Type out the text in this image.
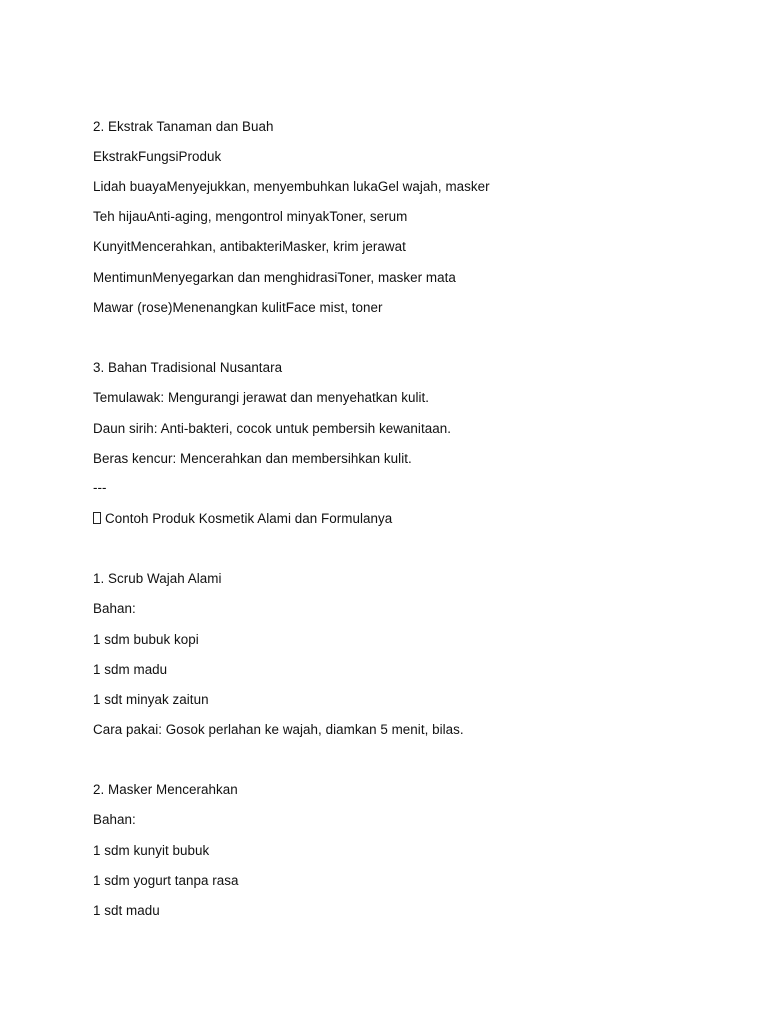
2. Ekstrak Tanaman dan Buah
EkstrakFungsiProduk
Lidah buayaMenyejukkan, menyembuhkan lukaGel wajah, masker
Teh hijauAnti-aging, mengontrol minyakToner, serum
KunyitMencerahkan, antibakteriMasker, krim jerawat
MentimunMenyegarkan dan menghidrasiToner, masker mata
Mawar (rose)Menenangkan kulitFace mist, toner
3. Bahan Tradisional Nusantara
Temulawak: Mengurangi jerawat dan menyehatkan kulit.
Daun sirih: Anti-bakteri, cocok untuk pembersih kewanitaan.
Beras kencur: Mencerahkan dan membersihkan kulit.
---
Contoh Produk Kosmetik Alami dan Formulanya
1. Scrub Wajah Alami
Bahan:
1 sdm bubuk kopi
1 sdm madu
1 sdt minyak zaitun
Cara pakai: Gosok perlahan ke wajah, diamkan 5 menit, bilas.
2. Masker Mencerahkan
Bahan:
1 sdm kunyit bubuk
1 sdm yogurt tanpa rasa
1 sdt madu
